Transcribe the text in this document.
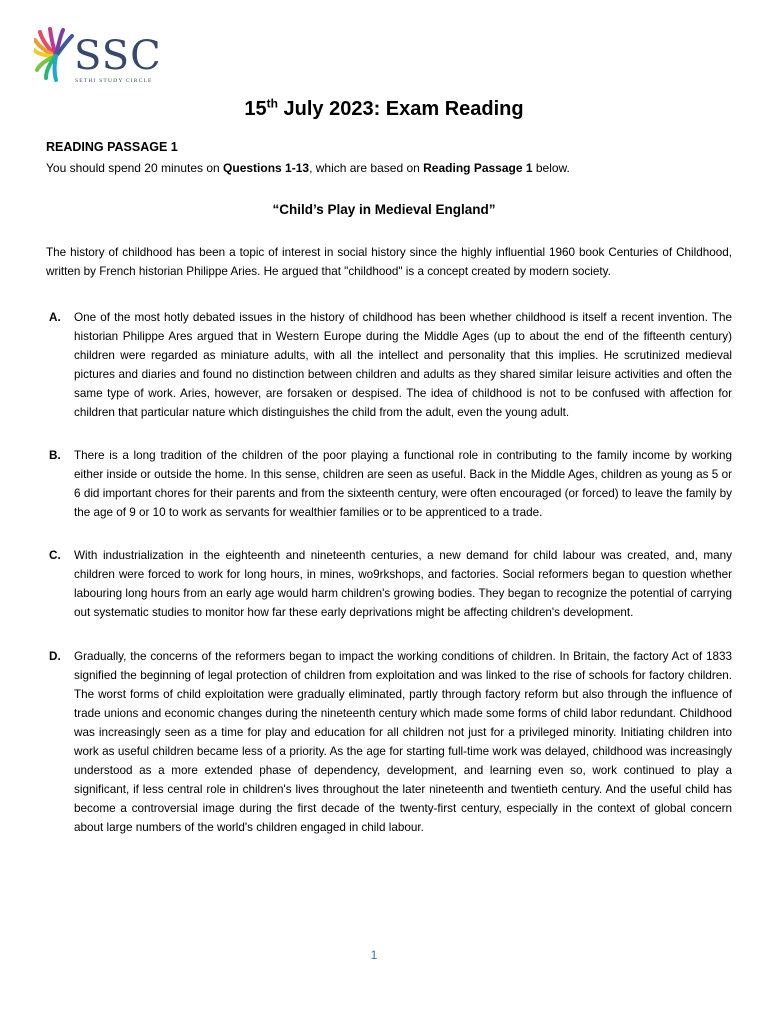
SSC
SETHI STUDY CIRCLE
15th July 2023: Exam Reading
READING PASSAGE 1
You should spend 20 minutes on Questions 1-13, which are based on Reading Passage 1 below.
“Child’s Play in Medieval England”
The history of childhood has been a topic of interest in social history since the highly influential 1960 book Centuries of Childhood, written by French historian Philippe Aries. He argued that "childhood" is a concept created by modern society.
A.	One of the most hotly debated issues in the history of childhood has been whether childhood is itself a recent invention. The historian Philippe Ares argued that in Western Europe during the Middle Ages (up to about the end of the fifteenth century) children were regarded as miniature adults, with all the intellect and personality that this implies. He scrutinized medieval pictures and diaries and found no distinction between children and adults as they shared similar leisure activities and often the same type of work. Aries, however, are forsaken or despised. The idea of childhood is not to be confused with affection for children that particular nature which distinguishes the child from the adult, even the young adult.
B.	There is a long tradition of the children of the poor playing a functional role in contributing to the family income by working either inside or outside the home. In this sense, children are seen as useful. Back in the Middle Ages, children as young as 5 or 6 did important chores for their parents and from the sixteenth century, were often encouraged (or forced) to leave the family by the age of 9 or 10 to work as servants for wealthier families or to be apprenticed to a trade.
C.	With industrialization in the eighteenth and nineteenth centuries, a new demand for child labour was created, and, many children were forced to work for long hours, in mines, wo9rkshops, and factories. Social reformers began to question whether labouring long hours from an early age would harm children's growing bodies. They began to recognize the potential of carrying out systematic studies to monitor how far these early deprivations might be affecting children's development.
D.	Gradually, the concerns of the reformers began to impact the working conditions of children. In Britain, the factory Act of 1833 signified the beginning of legal protection of children from exploitation and was linked to the rise of schools for factory children. The worst forms of child exploitation were gradually eliminated, partly through factory reform but also through the influence of trade unions and economic changes during the nineteenth century which made some forms of child labor redundant. Childhood was increasingly seen as a time for play and education for all children not just for a privileged minority. Initiating children into work as useful children became less of a priority. As the age for starting full-time work was delayed, childhood was increasingly understood as a more extended phase of dependency, development, and learning even so, work continued to play a significant, if less central role in children's lives throughout the later nineteenth and twentieth century. And the useful child has become a controversial image during the first decade of the twenty-first century, especially in the context of global concern about large numbers of the world's children engaged in child labour.
1
